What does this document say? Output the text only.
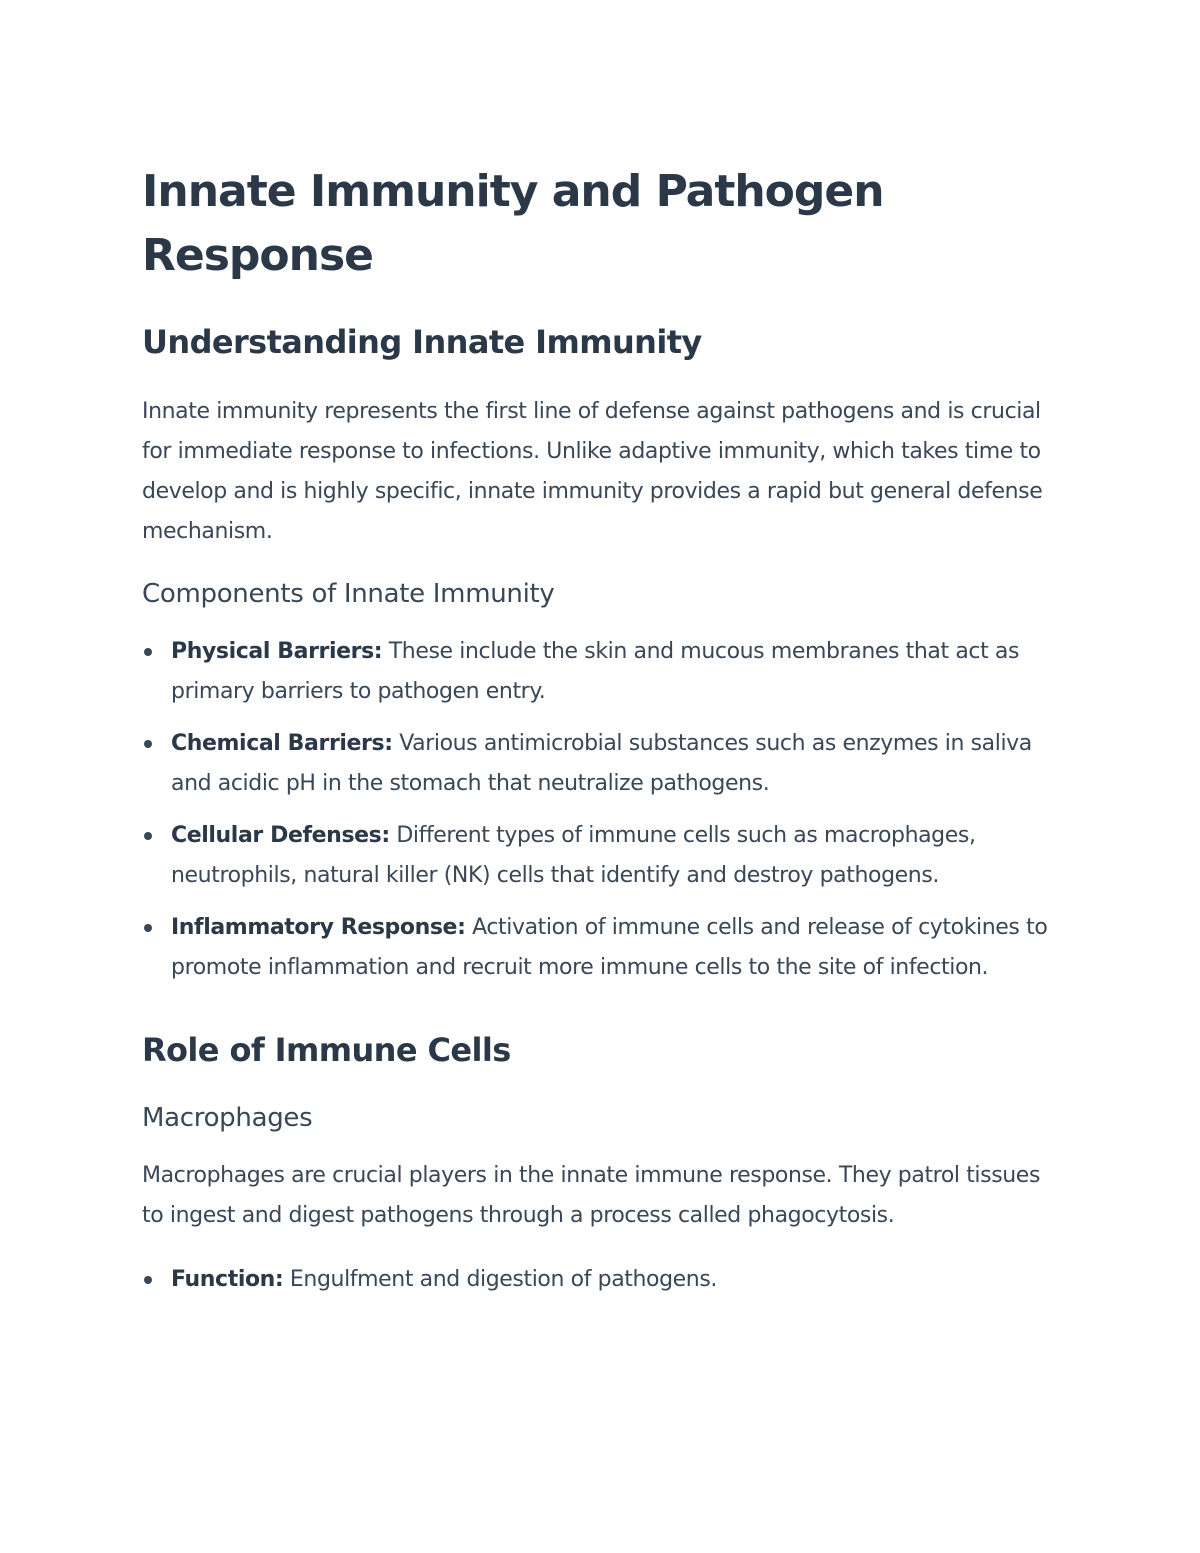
Innate Immunity and Pathogen Response
Understanding Innate Immunity

Innate immunity represents the first line of defense against pathogens and is crucial for immediate response to infections. Unlike adaptive immunity, which takes time to develop and is highly specific, innate immunity provides a rapid but general defense mechanism.

Components of Innate Immunity
Physical Barriers: These include the skin and mucous membranes that act as primary barriers to pathogen entry.
Chemical Barriers: Various antimicrobial substances such as enzymes in saliva and acidic pH in the stomach that neutralize pathogens.
Cellular Defenses: Different types of immune cells such as macrophages, neutrophils, natural killer (NK) cells that identify and destroy pathogens.
Inflammatory Response: Activation of immune cells and release of cytokines to promote inflammation and recruit more immune cells to the site of infection.
Role of Immune Cells
Macrophages

Macrophages are crucial players in the innate immune response. They patrol tissues to ingest and digest pathogens through a process called phagocytosis.

Function: Engulfment and digestion of pathogens.
